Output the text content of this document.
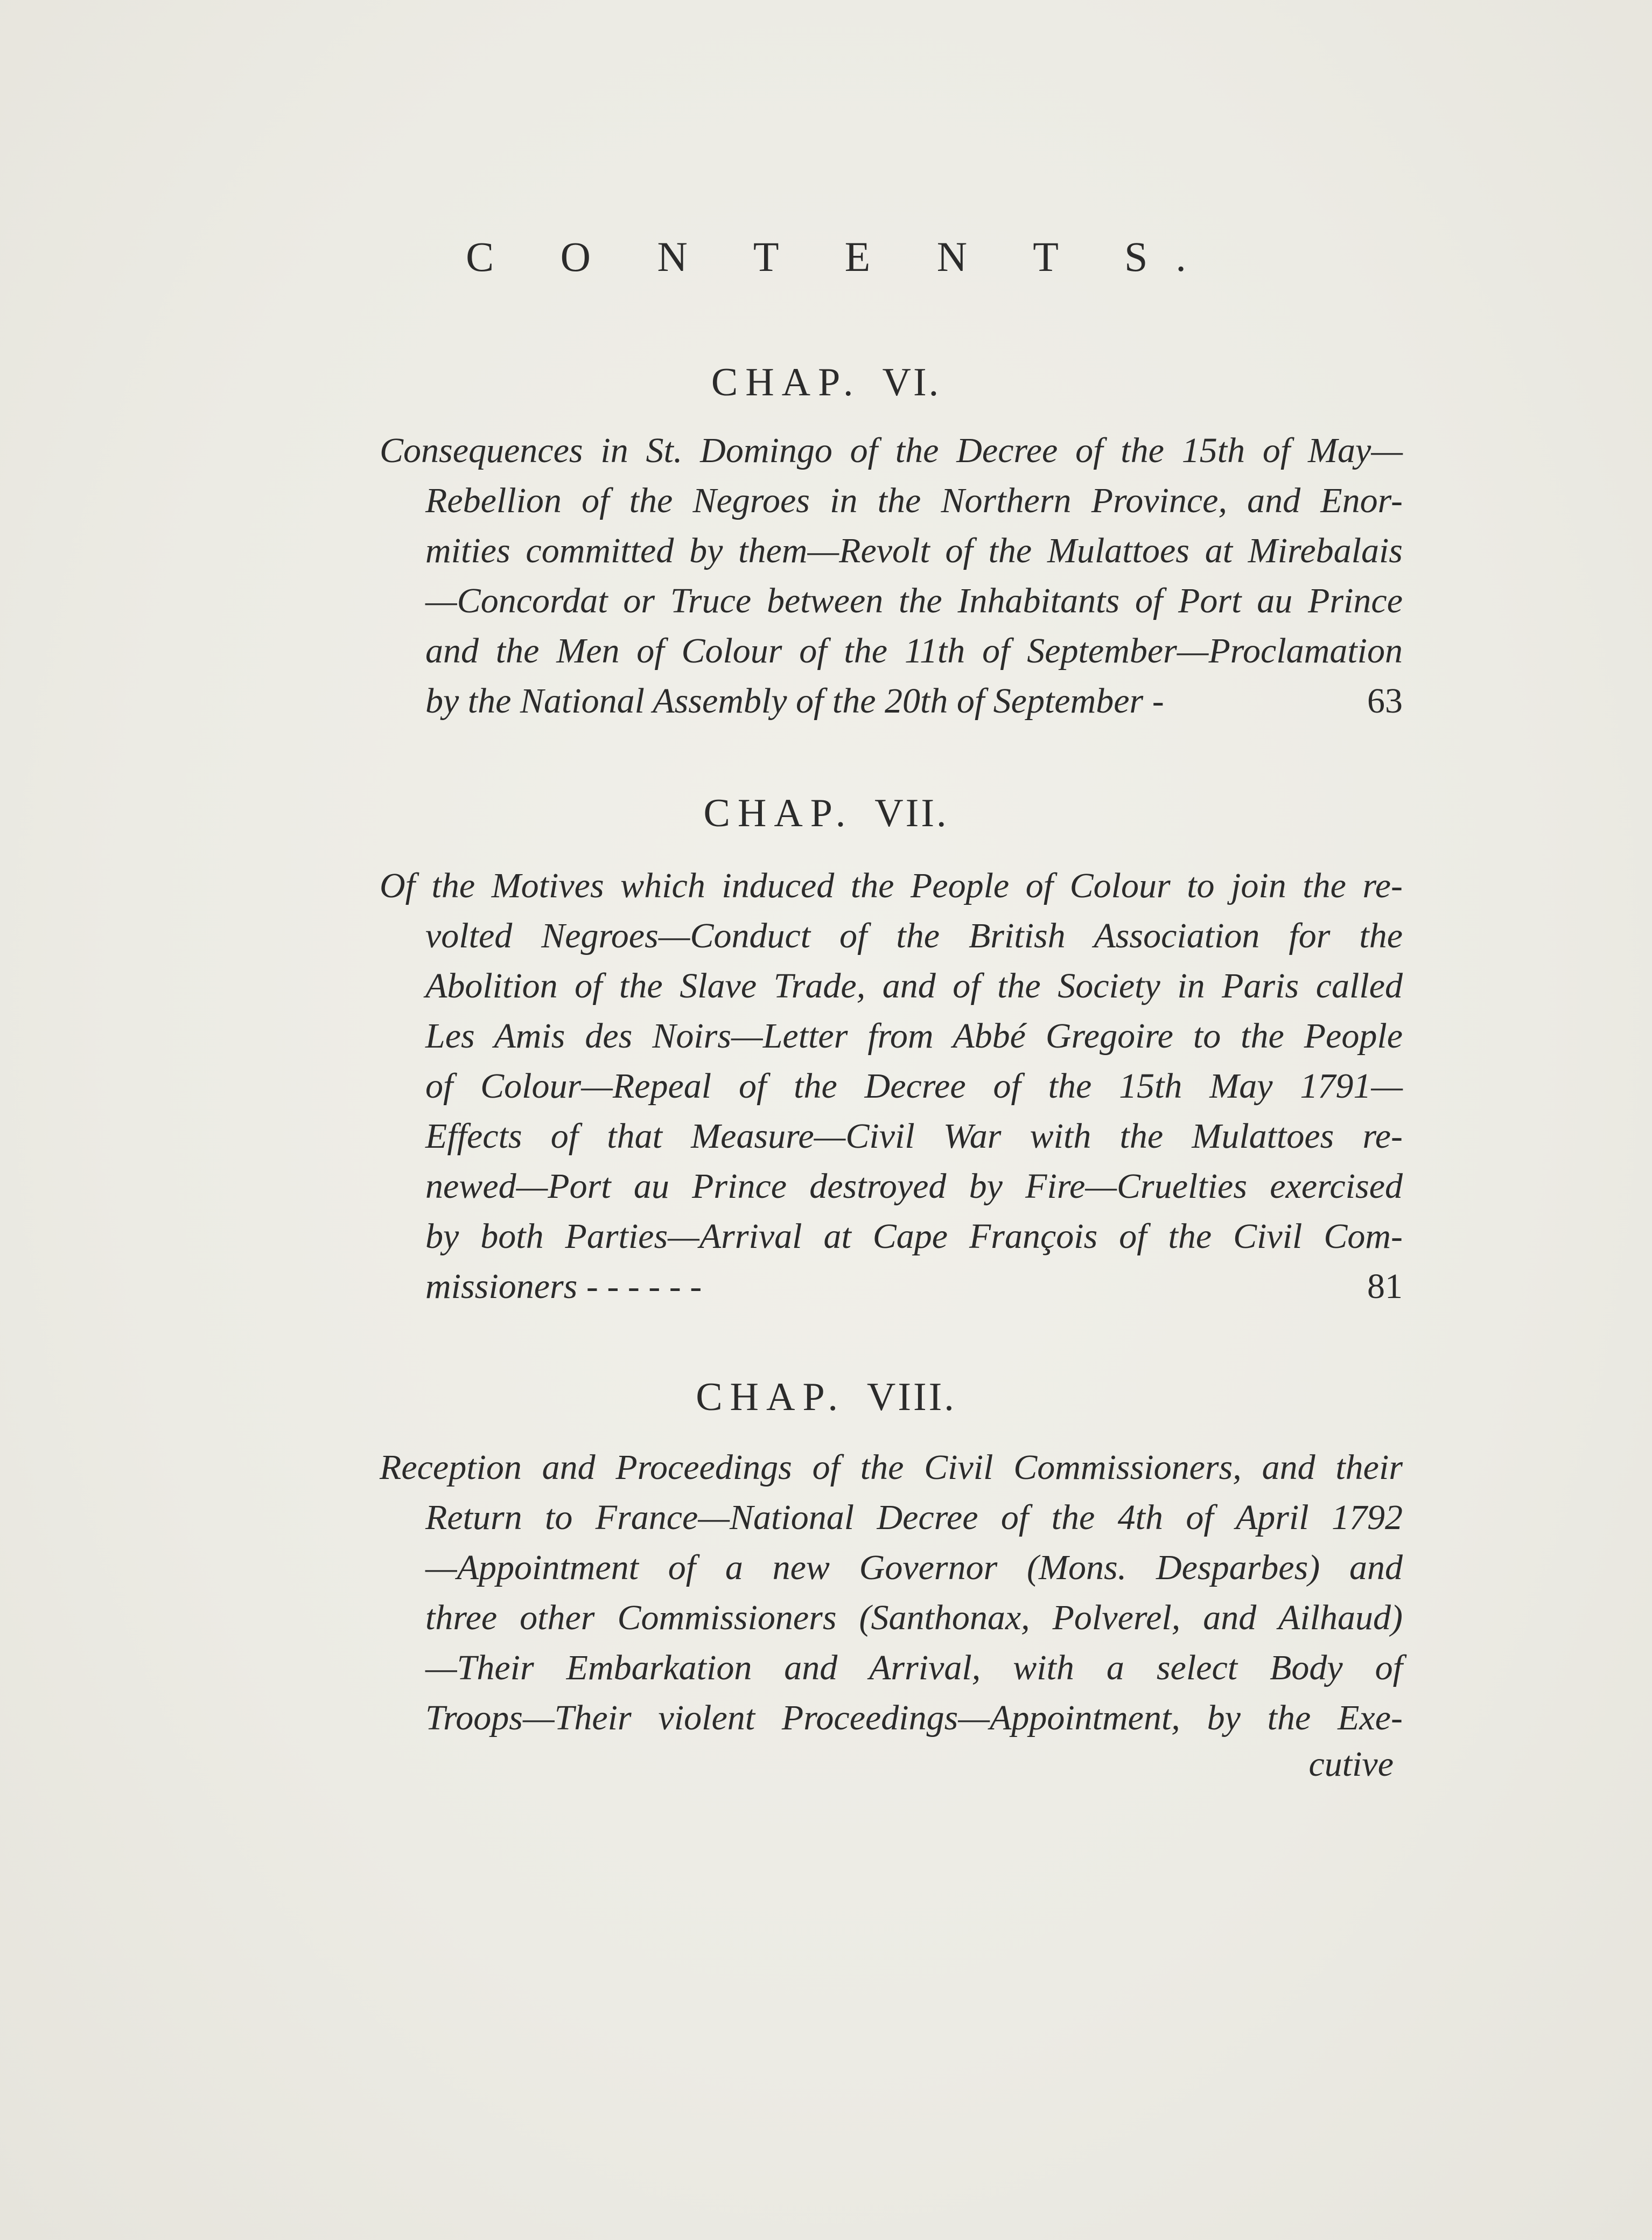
C O N T E N T S.
CHAP. VI.
Consequences in St. Domingo of the Decree of the 15th of May—
Rebellion of the Negroes in the Northern Province, and Enor-
mities committed by them—Revolt of the Mulattoes at Mirebalais
—Concordat or Truce between the Inhabitants of Port au Prince
and the Men of Colour of the 11th of September—Proclamation
by the National Assembly of the 20th of September -	63
CHAP. VII.
Of the Motives which induced the People of Colour to join the re-
volted Negroes—Conduct of the British Association for the
Abolition of the Slave Trade, and of the Society in Paris called
Les Amis des Noirs—Letter from Abbé Gregoire to the People
of Colour—Repeal of the Decree of the 15th May 1791—
Effects of that Measure—Civil War with the Mulattoes re-
newed—Port au Prince destroyed by Fire—Cruelties exercised
by both Parties—Arrival at Cape François of the Civil Com-
missioners - - - - - -	81
CHAP. VIII.
Reception and Proceedings of the Civil Commissioners, and their
Return to France—National Decree of the 4th of April 1792
—Appointment of a new Governor (Mons. Desparbes) and
three other Commissioners (Santhonax, Polverel, and Ailhaud)
—Their Embarkation and Arrival, with a select Body of
Troops—Their violent Proceedings—Appointment, by the Exe-
cutive
